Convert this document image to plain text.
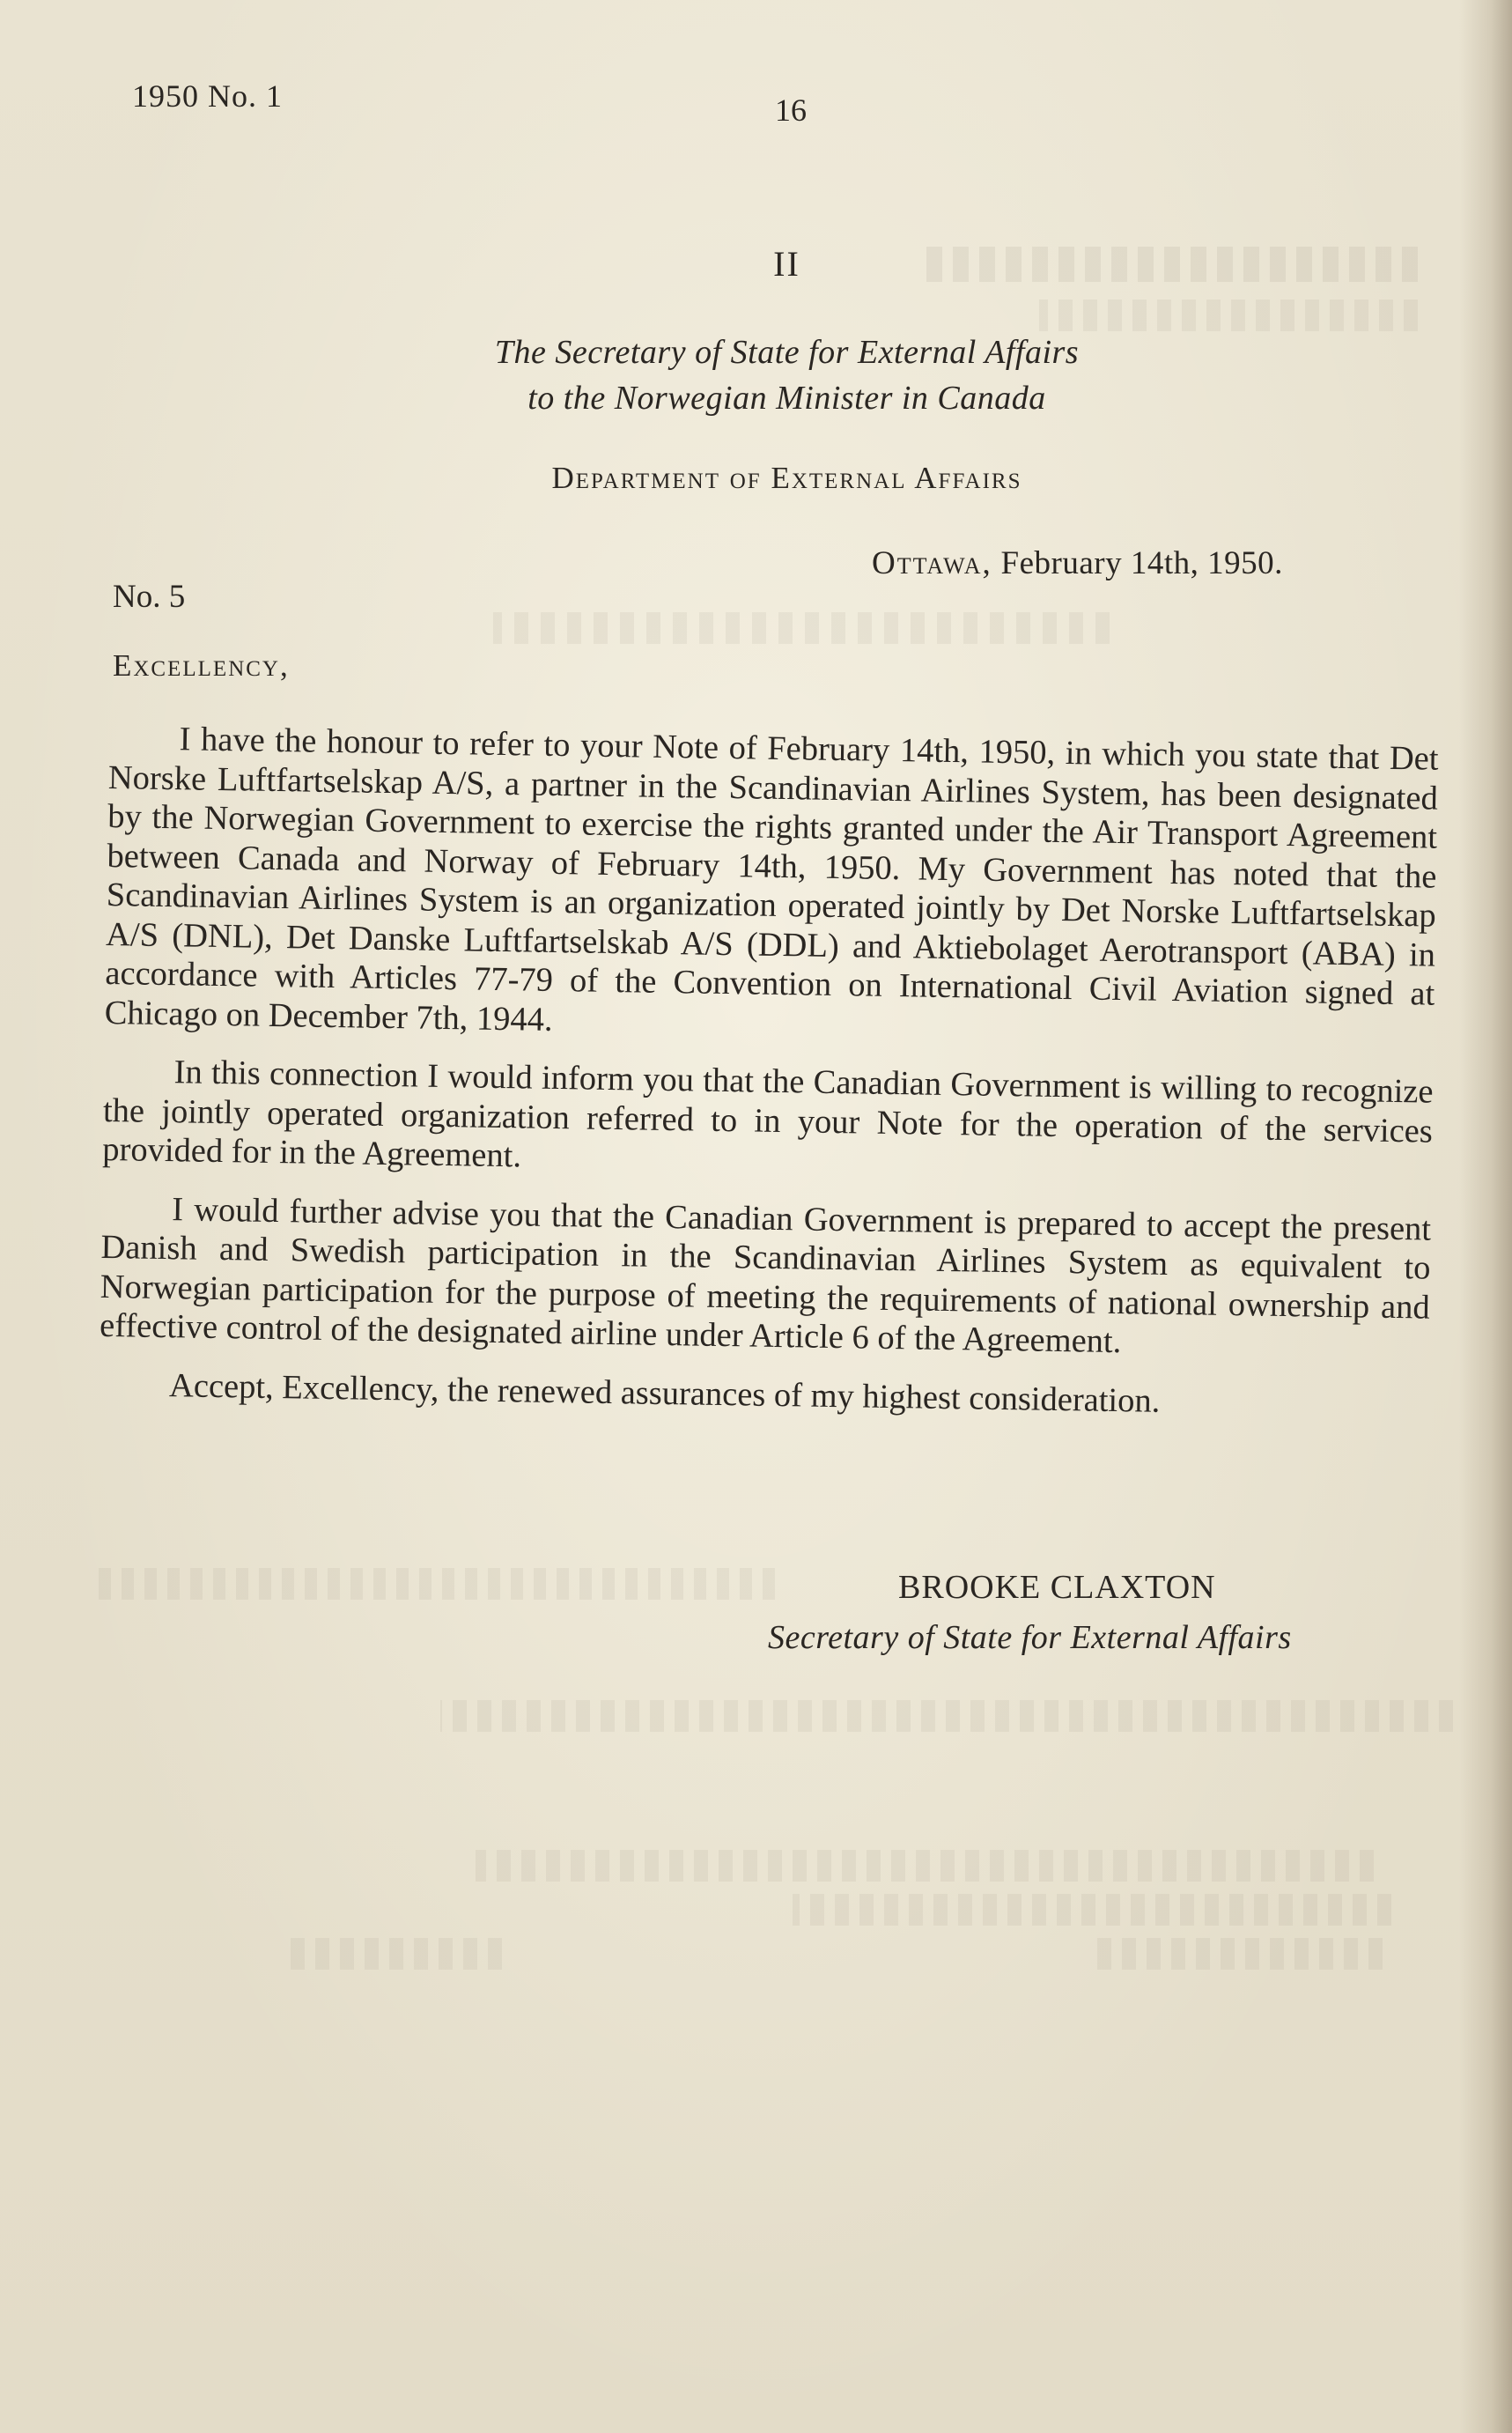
1950 No. 1	16
II
The Secretary of State for External Affairs
to the Norwegian Minister in Canada
Department of External Affairs
Ottawa, February 14th, 1950.
No. 5
Excellency,

I have the honour to refer to your Note of February 14th, 1950, in which you state that Det Norske Luftfartselskap A/S, a partner in the Scandinavian Airlines System, has been designated by the Norwegian Government to exercise the rights granted under the Air Transport Agreement between Canada and Norway of February 14th, 1950. My Government has noted that the Scandinavian Airlines System is an organization operated jointly by Det Norske Luftfartselskap A/S (DNL), Det Danske Luftfartselskab A/S (DDL) and Aktiebolaget Aerotransport (ABA) in accordance with Articles 77-79 of the Convention on International Civil Aviation signed at Chicago on December 7th, 1944.

In this connection I would inform you that the Canadian Government is willing to recognize the jointly operated organization referred to in your Note for the operation of the services provided for in the Agreement.

I would further advise you that the Canadian Government is prepared to accept the present Danish and Swedish participation in the Scandinavian Airlines System as equivalent to Norwegian participation for the purpose of meeting the requirements of national ownership and effective control of the designated airline under Article 6 of the Agreement.

Accept, Excellency, the renewed assurances of my highest consideration.

BROOKE CLAXTON
Secretary of State for External Affairs
